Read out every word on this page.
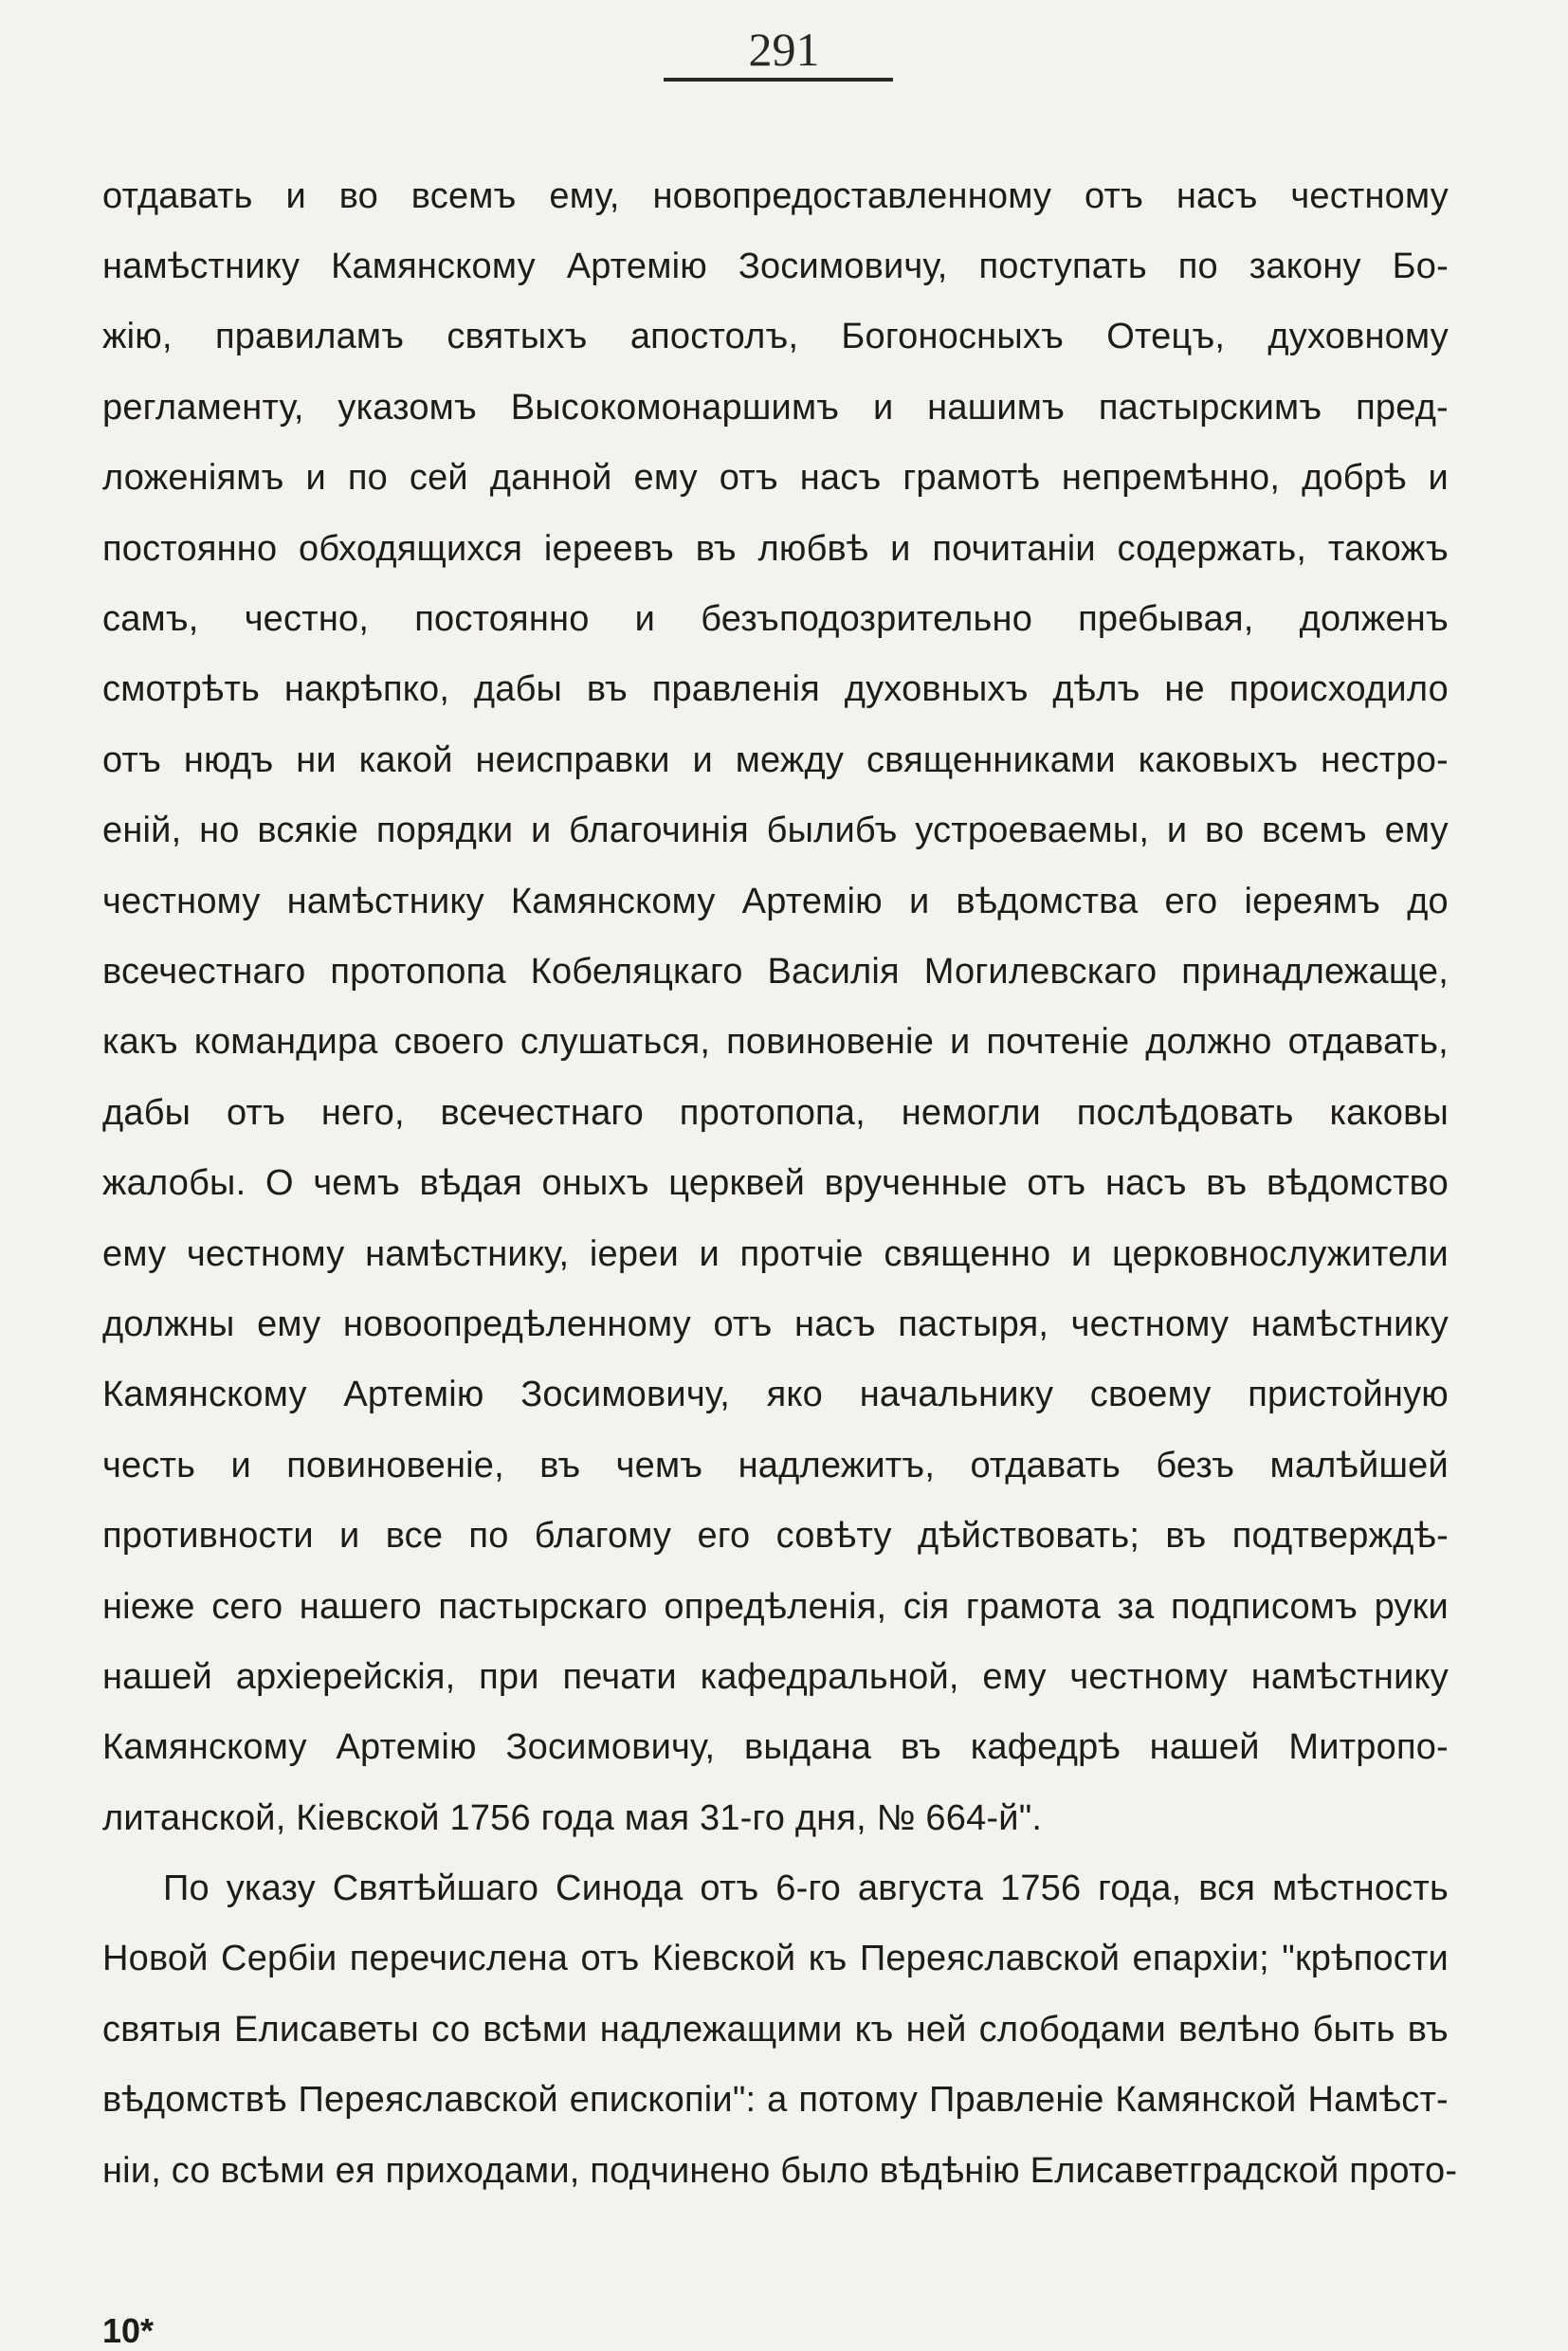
291
отдавать и во всемъ ему, новопредоставленному отъ насъ честному
намѣстнику Камянскому Артемію Зосимовичу, поступать по закону Бо-
жію, правиламъ святыхъ апостолъ, Богоносныхъ Отецъ, духовному
регламенту, указомъ Высокомонаршимъ и нашимъ пастырскимъ пред-
ложеніямъ и по сей данной ему отъ насъ грамотѣ непремѣнно, добрѣ и
постоянно обходящихся іереевъ въ любвѣ и почитаніи содержать, такожъ
самъ, честно, постоянно и безъподозрительно пребывая, долженъ
смотрѣть накрѣпко, дабы въ правленія духовныхъ дѣлъ не происходило
отъ нюдъ ни какой неисправки и между священниками каковыхъ нестро-
еній, но всякіе порядки и благочинія былибъ устроеваемы, и во всемъ ему
честному намѣстнику Камянскому Артемію и вѣдомства его іереямъ до
всечестнаго протопопа Кобеляцкаго Василія Могилевскаго принадлежаще,
какъ командира своего слушаться, повиновеніе и почтеніе должно отдавать,
дабы отъ него, всечестнаго протопопа, немогли послѣдовать каковы
жалобы. О чемъ вѣдая оныхъ церквей врученные отъ насъ въ вѣдомство
ему честному намѣстнику, іереи и протчіе священно и церковнослужители
должны ему новоопредѣленному отъ насъ пастыря, честному намѣстнику
Камянскому Артемію Зосимовичу, яко начальнику своему пристойную
честь и повиновеніе, въ чемъ надлежитъ, отдавать безъ малѣйшей
противности и все по благому его совѣту дѣйствовать; въ подтверждѣ-
ніеже сего нашего пастырскаго опредѣленія, сія грамота за подписомъ руки
нашей архіерейскія, при печати кафедральной, ему честному намѣстнику
Камянскому Артемію Зосимовичу, выдана въ кафедрѣ нашей Митропо-
литанской, Кіевской 1756 года мая 31-го дня, № 664-й".
По указу Святѣйшаго Синода отъ 6-го августа 1756 года, вся мѣстность
Новой Сербіи перечислена отъ Кіевской къ Переяславской епархіи; "крѣпости
святыя Елисаветы со всѣми надлежащими къ ней слободами велѣно быть въ
вѣдомствѣ Переяславской епископіи": а потому Правленіе Камянской Намѣст-
ніи, со всѣми ея приходами, подчинено было вѣдѣнію Елисаветградской прото-
10*
